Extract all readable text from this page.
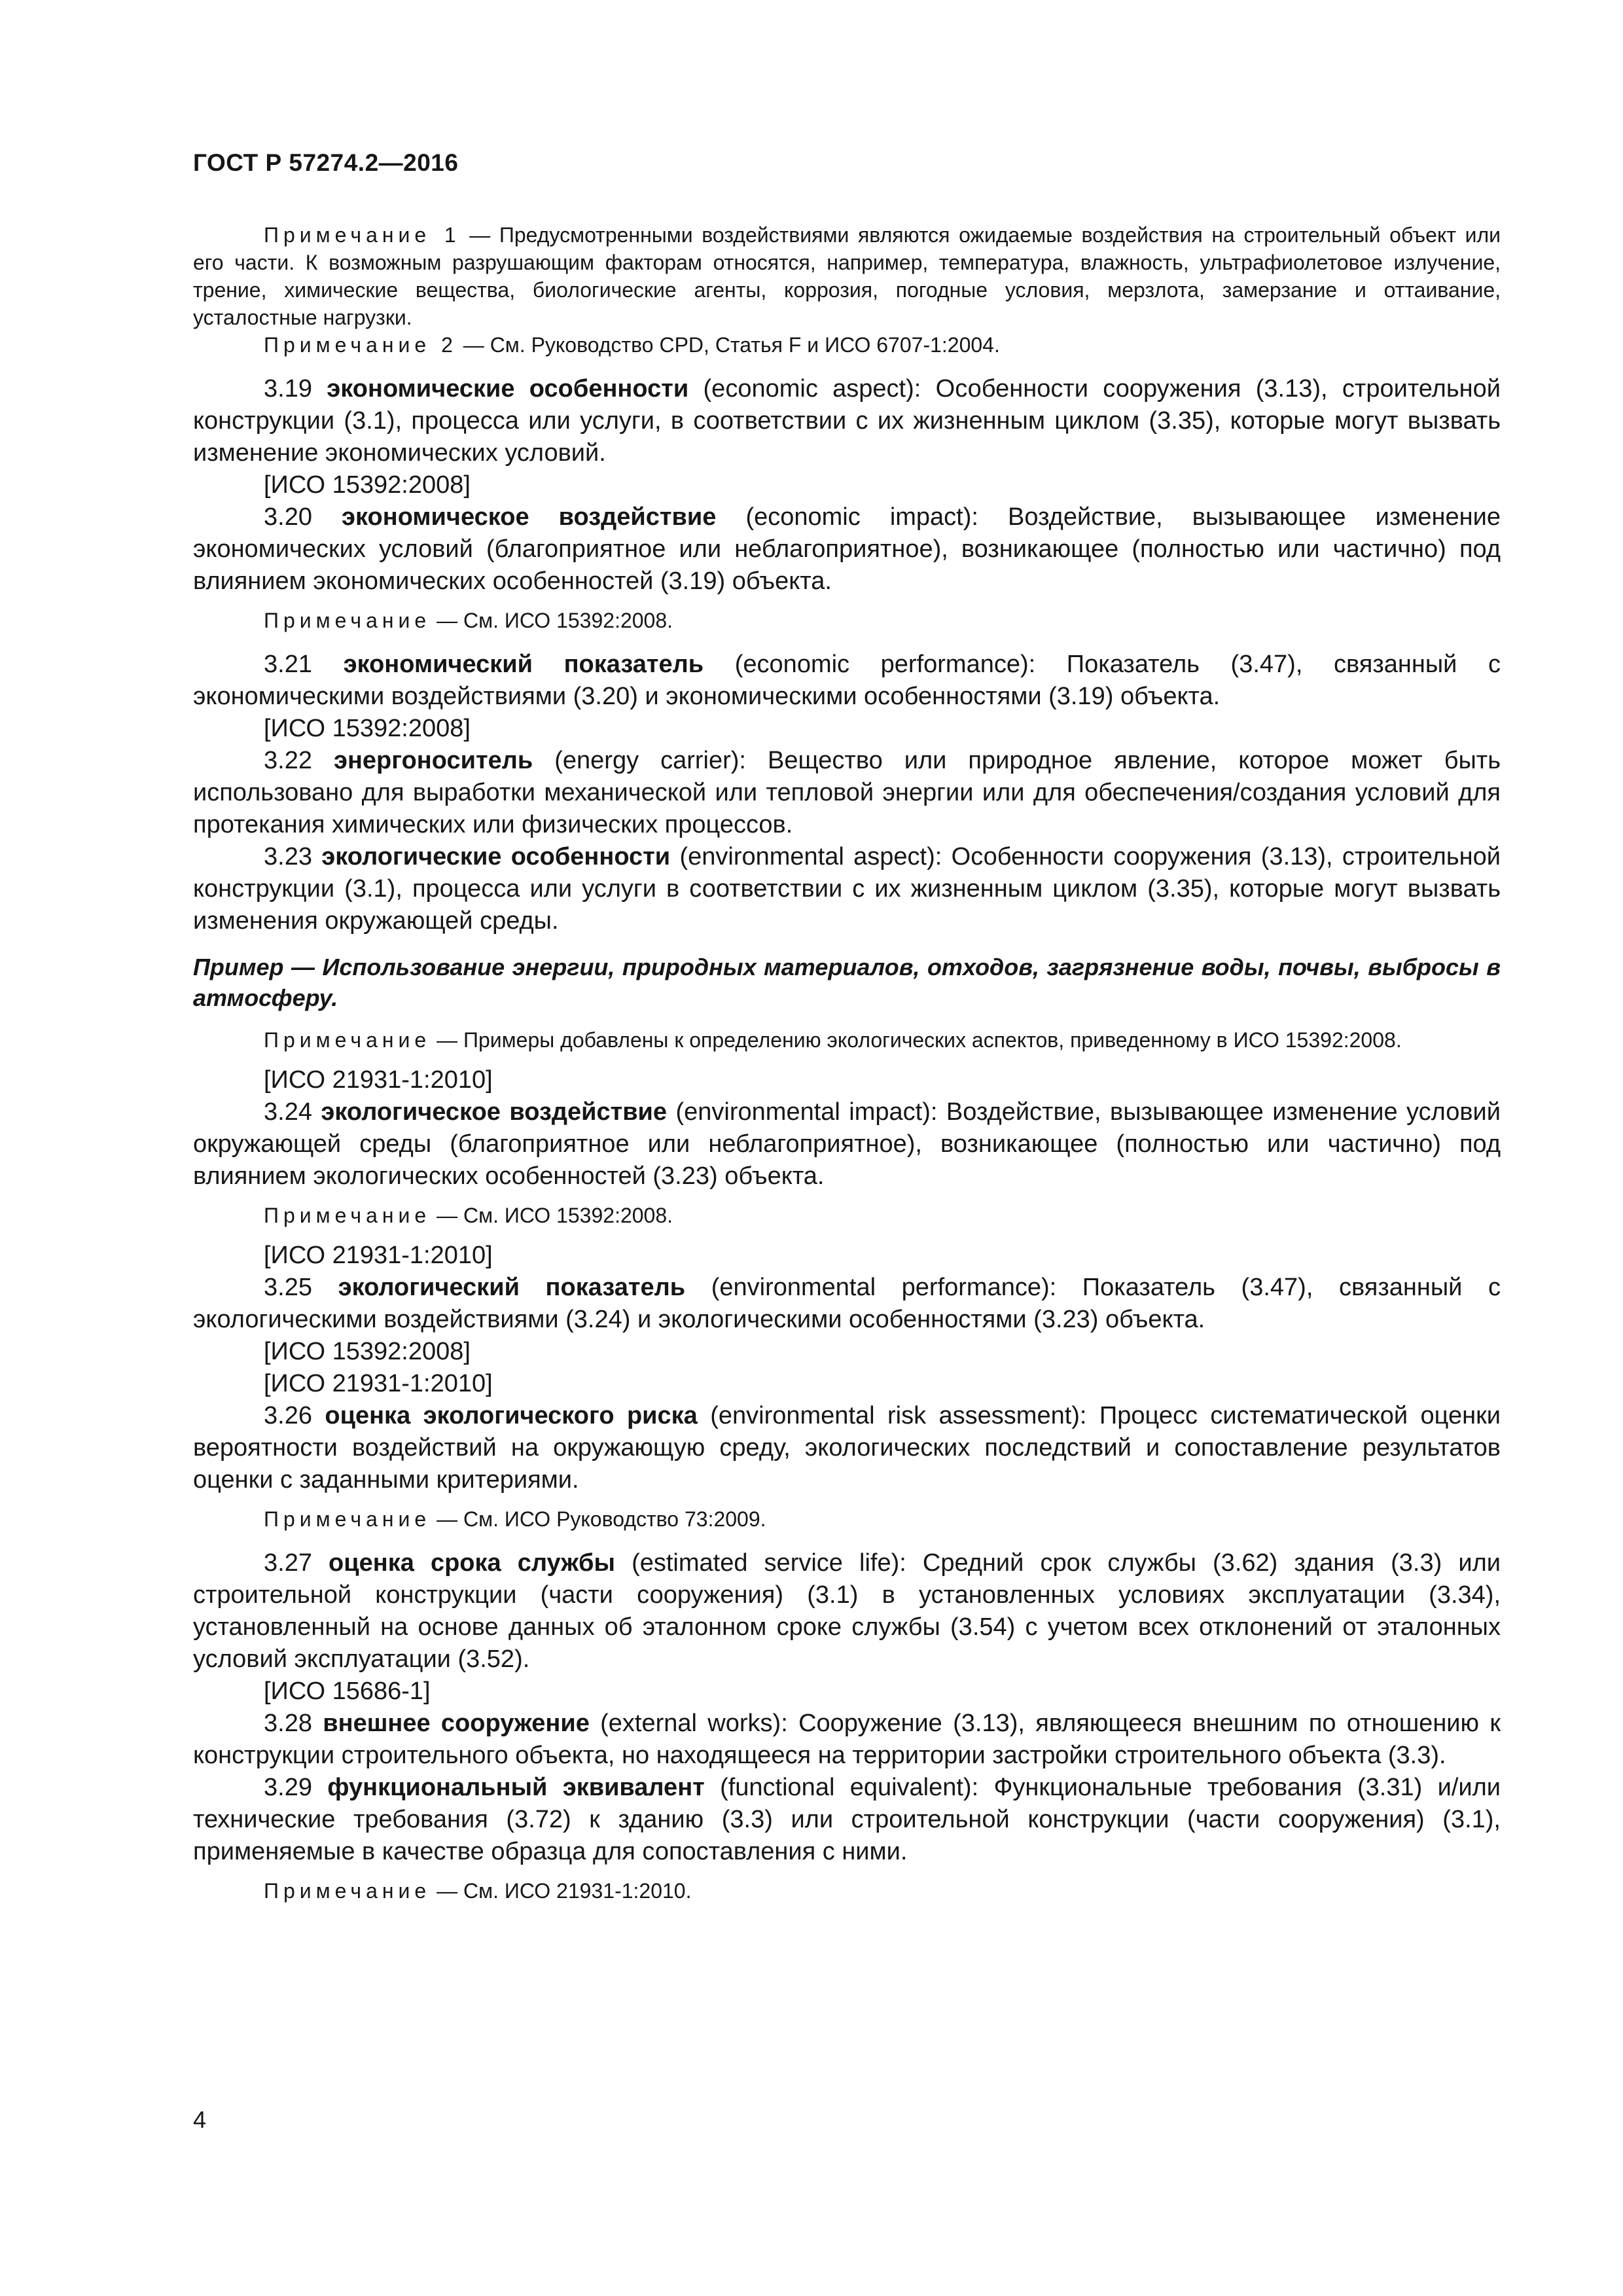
ГОСТ Р 57274.2—2016

Примечание 1 — Предусмотренными воздействиями являются ожидаемые воздействия на строительный объект или его части. К возможным разрушающим факторам относятся, например, температура, влажность, ультрафиолетовое излучение, трение, химические вещества, биологические агенты, коррозия, погодные условия, мерзлота, замерзание и оттаивание, усталостные нагрузки.

Примечание 2 — См. Руководство CPD, Статья F и ИСО 6707-1:2004.

3.19 экономические особенности (economic aspect): Особенности сооружения (3.13), строительной конструкции (3.1), процесса или услуги, в соответствии с их жизненным циклом (3.35), которые могут вызвать изменение экономических условий.

[ИСО 15392:2008]

3.20 экономическое воздействие (economic impact): Воздействие, вызывающее изменение экономических условий (благоприятное или неблагоприятное), возникающее (полностью или частично) под влиянием экономических особенностей (3.19) объекта.

Примечание — См. ИСО 15392:2008.

3.21 экономический показатель (economic performance): Показатель (3.47), связанный с экономическими воздействиями (3.20) и экономическими особенностями (3.19) объекта.

[ИСО 15392:2008]

3.22 энергоноситель (energy carrier): Вещество или природное явление, которое может быть использовано для выработки механической или тепловой энергии или для обеспечения/создания условий для протекания химических или физических процессов.

3.23 экологические особенности (environmental aspect): Особенности сооружения (3.13), строительной конструкции (3.1), процесса или услуги в соответствии с их жизненным циклом (3.35), которые могут вызвать изменения окружающей среды.

Пример — Использование энергии, природных материалов, отходов, загрязнение воды, почвы, выбросы в атмосферу.

Примечание — Примеры добавлены к определению экологических аспектов, приведенному в ИСО 15392:2008.

[ИСО 21931-1:2010]

3.24 экологическое воздействие (environmental impact): Воздействие, вызывающее изменение условий окружающей среды (благоприятное или неблагоприятное), возникающее (полностью или частично) под влиянием экологических особенностей (3.23) объекта.

Примечание — См. ИСО 15392:2008.

[ИСО 21931-1:2010]

3.25 экологический показатель (environmental performance): Показатель (3.47), связанный с экологическими воздействиями (3.24) и экологическими особенностями (3.23) объекта.

[ИСО 15392:2008]

[ИСО 21931-1:2010]

3.26 оценка экологического риска (environmental risk assessment): Процесс систематической оценки вероятности воздействий на окружающую среду, экологических последствий и сопоставление результатов оценки с заданными критериями.

Примечание — См. ИСО Руководство 73:2009.

3.27 оценка срока службы (estimated service life): Средний срок службы (3.62) здания (3.3) или строительной конструкции (части сооружения) (3.1) в установленных условиях эксплуатации (3.34), установленный на основе данных об эталонном сроке службы (3.54) с учетом всех отклонений от эталонных условий эксплуатации (3.52).

[ИСО 15686-1]

3.28 внешнее сооружение (external works): Сооружение (3.13), являющееся внешним по отношению к конструкции строительного объекта, но находящееся на территории застройки строительного объекта (3.3).

3.29 функциональный эквивалент (functional equivalent): Функциональные требования (3.31) и/или технические требования (3.72) к зданию (3.3) или строительной конструкции (части сооружения) (3.1), применяемые в качестве образца для сопоставления с ними.

Примечание — См. ИСО 21931-1:2010.

4
